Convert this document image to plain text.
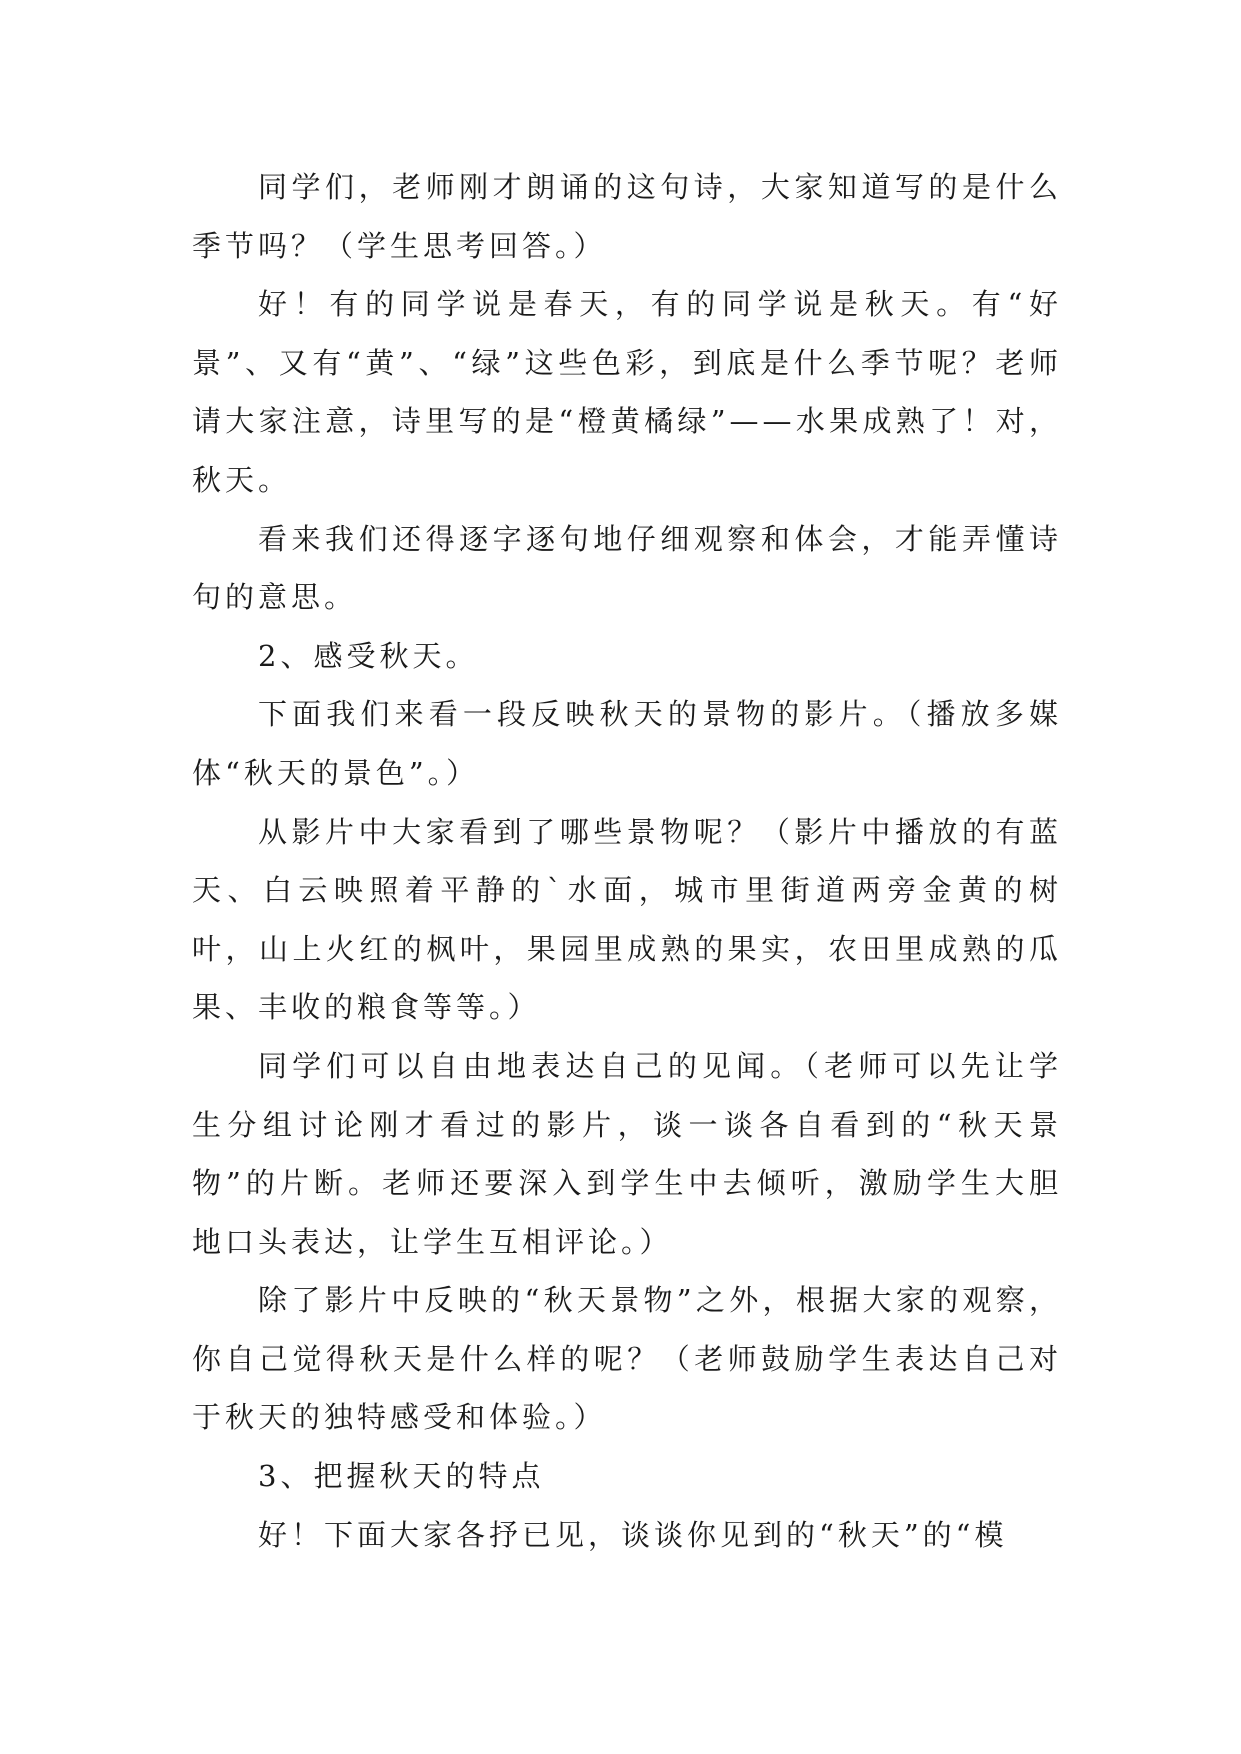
同学们，老师刚才朗诵的这句诗，大家知道写的是什么季节吗？（学生思考回答。）

好！有的同学说是春天，有的同学说是秋天。有“好景”、又有“黄”、“绿”这些色彩，到底是什么季节呢？老师请大家注意，诗里写的是“橙黄橘绿”——水果成熟了！对，秋天。

看来我们还得逐字逐句地仔细观察和体会，才能弄懂诗句的意思。

2、感受秋天。

下面我们来看一段反映秋天的景物的影片。（播放多媒体“秋天的景色”。）

从影片中大家看到了哪些景物呢？（影片中播放的有蓝天、白云映照着平静的`水面，城市里街道两旁金黄的树叶，山上火红的枫叶，果园里成熟的果实，农田里成熟的瓜果、丰收的粮食等等。）

同学们可以自由地表达自己的见闻。（老师可以先让学生分组讨论刚才看过的影片，谈一谈各自看到的“秋天景物”的片断。老师还要深入到学生中去倾听，激励学生大胆地口头表达，让学生互相评论。）

除了影片中反映的“秋天景物”之外，根据大家的观察，你自己觉得秋天是什么样的呢？（老师鼓励学生表达自己对于秋天的独特感受和体验。）

3、把握秋天的特点

好！下面大家各抒已见，谈谈你见到的“秋天”的“模
